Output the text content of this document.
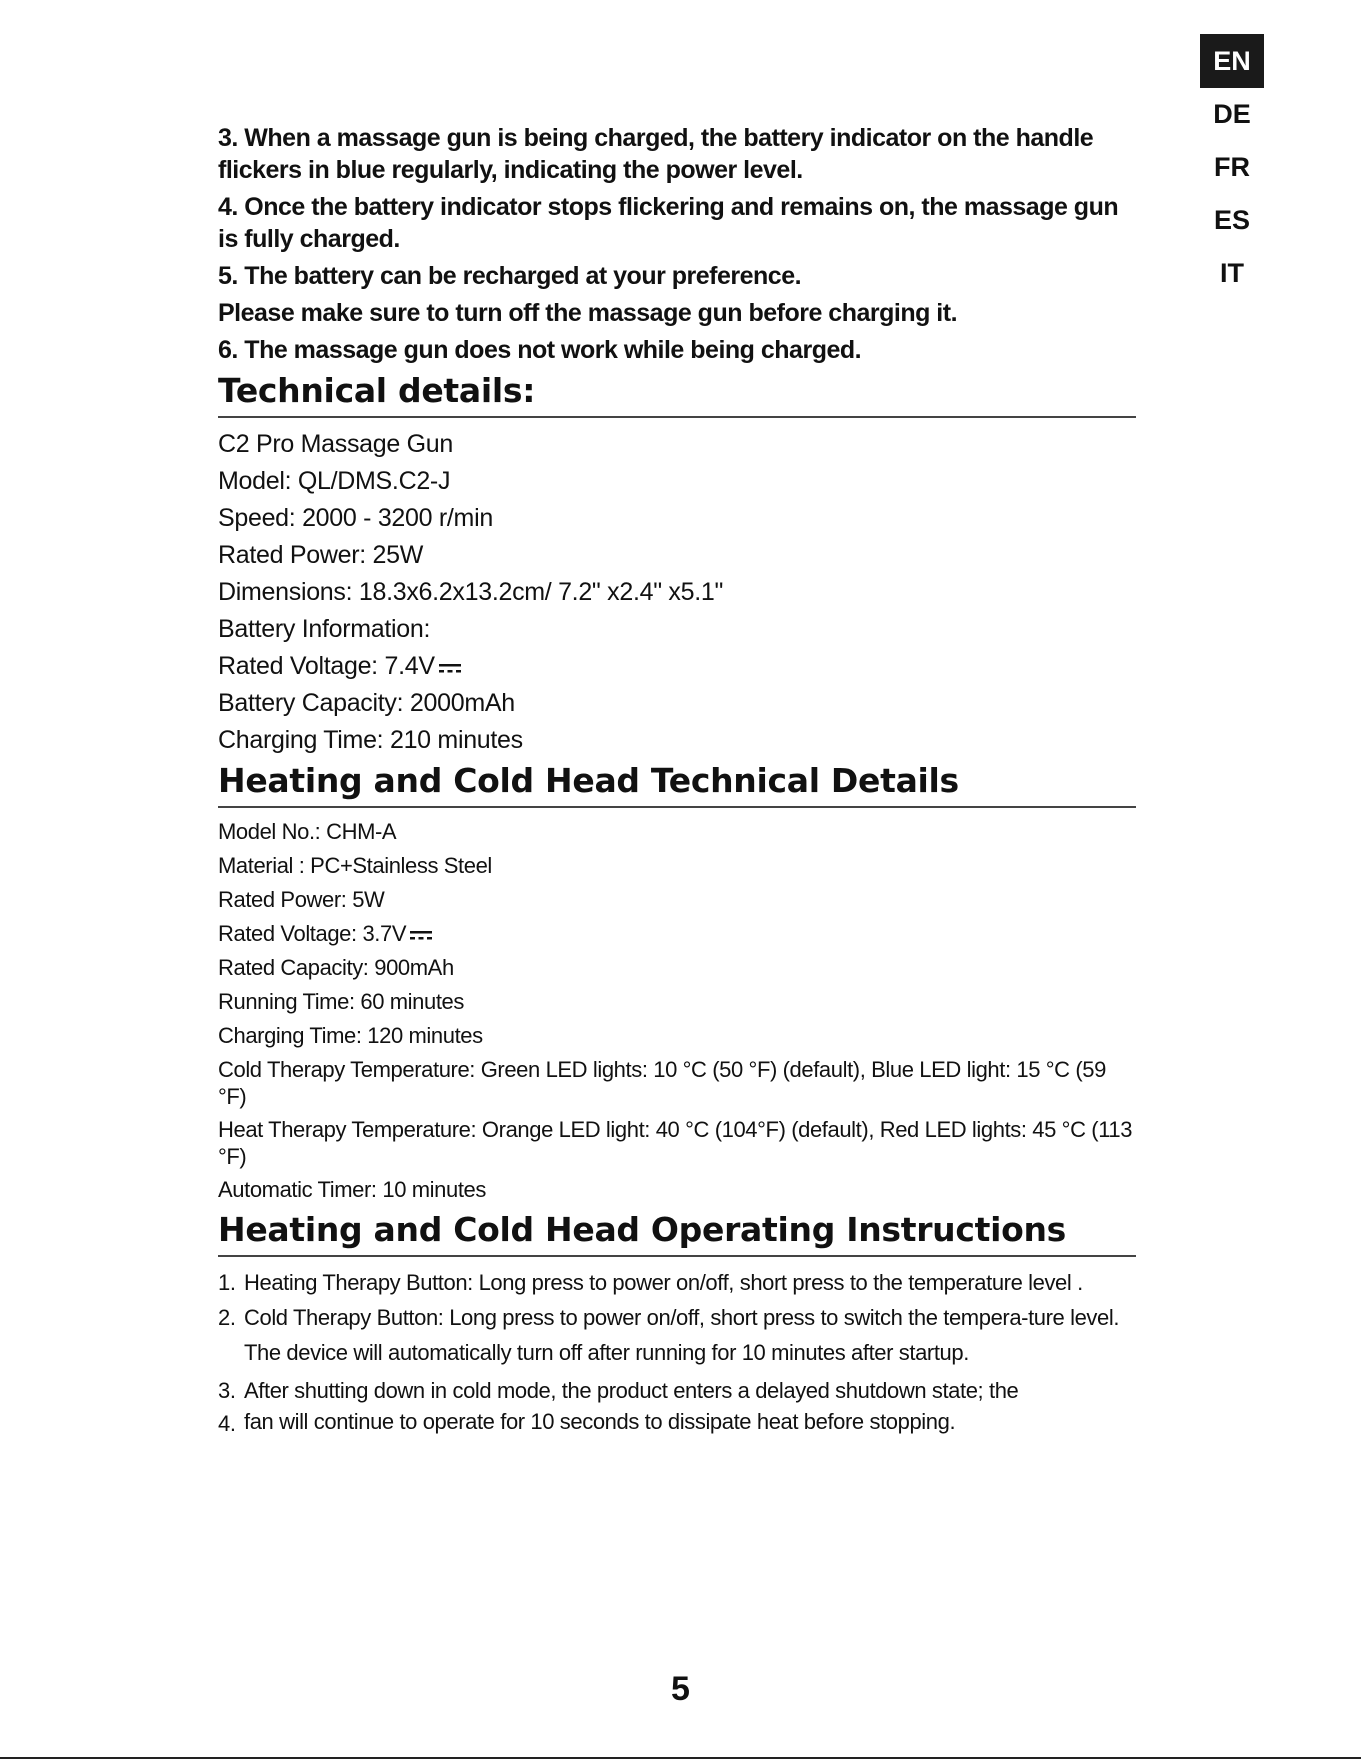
EN
DE
FR
ES
IT

3. When a massage gun is being charged, the battery indicator on the handle flickers in blue regularly, indicating the power level.

4. Once the battery indicator stops flickering and remains on, the massage gun is fully charged.

5. The battery can be recharged at your preference.

Please make sure to turn off the massage gun before charging it.

6. The massage gun does not work while being charged.

Technical details:

C2 Pro Massage Gun

Model: QL/DMS.C2-J

Speed: 2000 - 3200 r/min

Rated Power: 25W

Dimensions: 18.3x6.2x13.2cm/ 7.2" x2.4" x5.1"

Battery Information:

Rated Voltage: 7.4V

Battery Capacity: 2000mAh

Charging Time: 210 minutes

Heating and Cold Head Technical Details

Model No.: CHM-A

Material : PC+Stainless Steel

Rated Power: 5W

Rated Voltage: 3.7V

Rated Capacity: 900mAh

Running Time: 60 minutes

Charging Time: 120 minutes

Cold Therapy Temperature: Green LED lights: 10 °C (50 °F) (default), Blue LED light: 15 °C (59 °F)

Heat Therapy Temperature: Orange LED light: 40 °C (104°F) (default), Red LED lights: 45 °C (113 °F)

Automatic Timer: 10 minutes

Heating and Cold Head Operating Instructions
1. Heating Therapy Button: Long press to power on/off, short press to the temperature level .
2. Cold Therapy Button: Long press to power on/off, short press to switch the tempera-ture level.

The device will automatically turn off after running for 10 minutes after startup.

3.
4.
After shutting down in cold mode, the product enters a delayed shutdown state; the
fan will continue to operate for 10 seconds to dissipate heat before stopping.
5
